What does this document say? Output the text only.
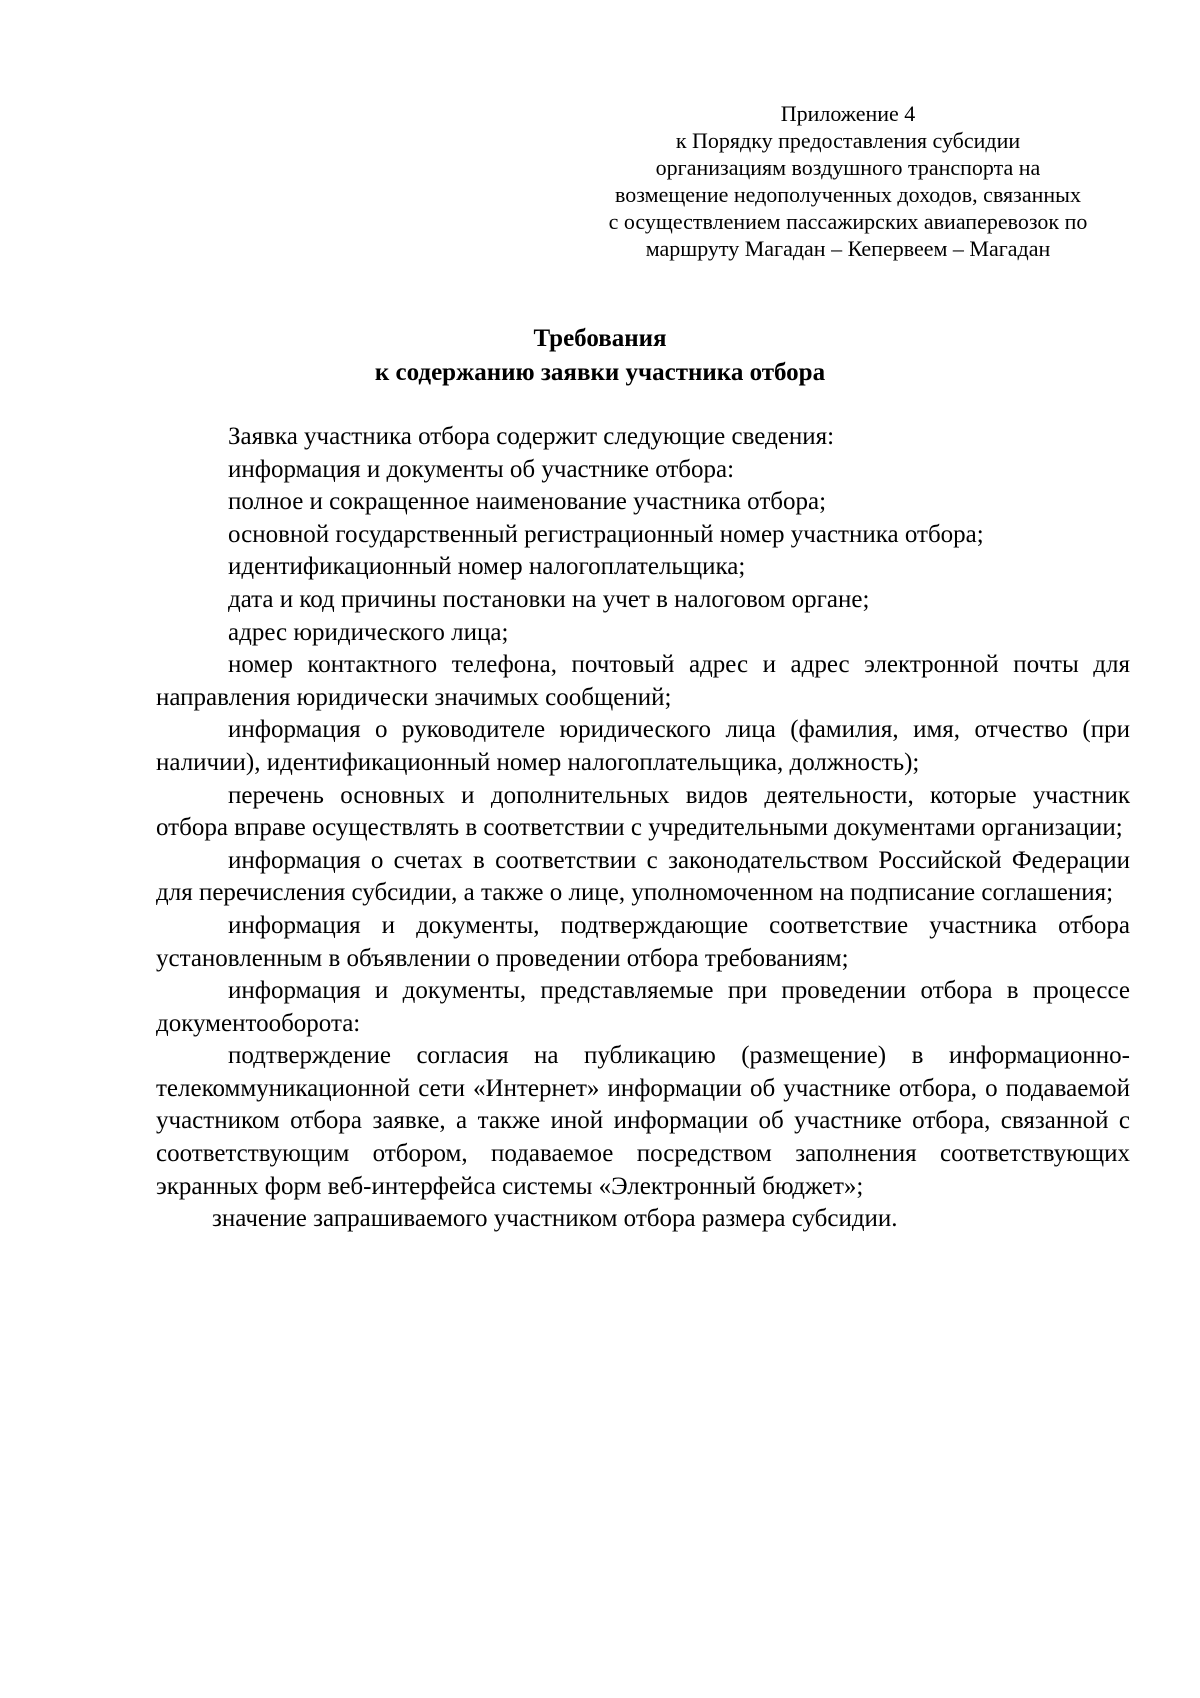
Приложение 4
к Порядку предоставления субсидии
организациям воздушного транспорта на
возмещение недополученных доходов, связанных
с осуществлением пассажирских авиаперевозок по
маршруту Магадан – Кепервеем – Магадан
Требования
к содержанию заявки участника отбора

Заявка участника отбора содержит следующие сведения:

информация и документы об участнике отбора:

полное и сокращенное наименование участника отбора;

основной государственный регистрационный номер участника отбора;

идентификационный номер налогоплательщика;

дата и код причины постановки на учет в налоговом органе;

адрес юридического лица;

номер контактного телефона, почтовый адрес и адрес электронной почты для направления юридически значимых сообщений;

информация о руководителе юридического лица (фамилия, имя, отчество (при наличии), идентификационный номер налогоплательщика, должность);

перечень основных и дополнительных видов деятельности, которые участник отбора вправе осуществлять в соответствии с учредительными документами организации;

информация о счетах в соответствии с законодательством Российской Федерации для перечисления субсидии, а также о лице, уполномоченном на подписание соглашения;

информация и документы, подтверждающие соответствие участника отбора установленным в объявлении о проведении отбора требованиям;

информация и документы, представляемые при проведении отбора в процессе документооборота:

подтверждение согласия на публикацию (размещение) в информационно-телекоммуникационной сети «Интернет» информации об участнике отбора, о подаваемой участником отбора заявке, а также иной информации об участнике отбора, связанной с соответствующим отбором, подаваемое посредством заполнения соответствующих экранных форм веб-интерфейса системы «Электронный бюджет»;

значение запрашиваемого участником отбора размера субсидии.
